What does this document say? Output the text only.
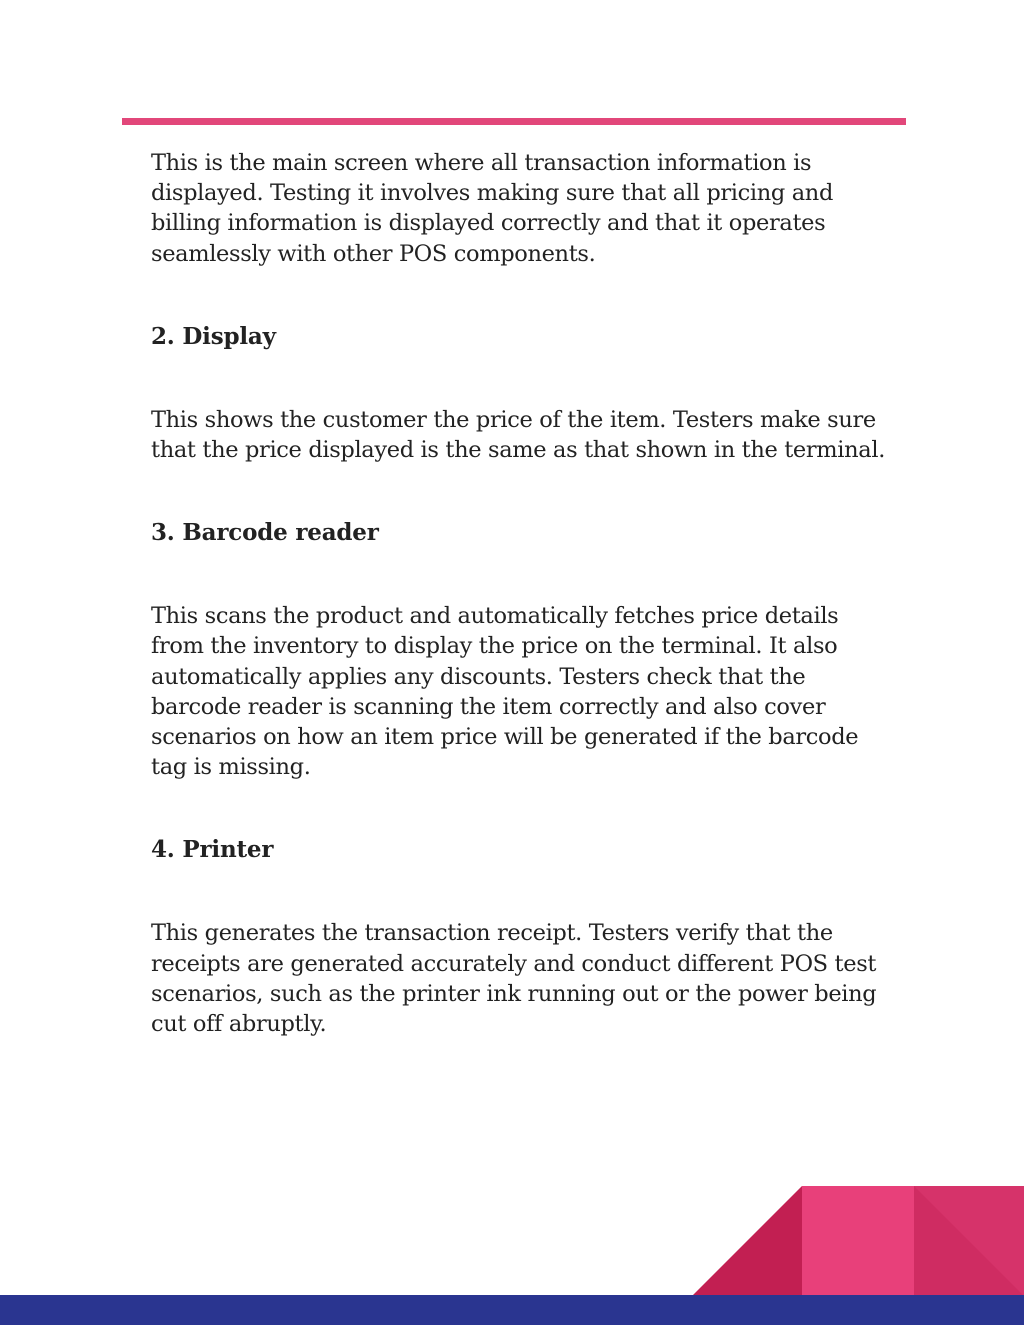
This is the main screen where all transaction information is displayed. Testing it involves making sure that all pricing and billing information is displayed correctly and that it operates seamlessly with other POS components.

2. Display

This shows the customer the price of the item. Testers make sure that the price displayed is the same as that shown in the terminal.

3. Barcode reader

This scans the product and automatically fetches price details from the inventory to display the price on the terminal. It also automatically applies any discounts. Testers check that the barcode reader is scanning the item correctly and also cover scenarios on how an item price will be generated if the barcode tag is missing.

4. Printer

This generates the transaction receipt. Testers verify that the receipts are generated accurately and conduct different POS test scenarios, such as the printer ink running out or the power being cut off abruptly.
